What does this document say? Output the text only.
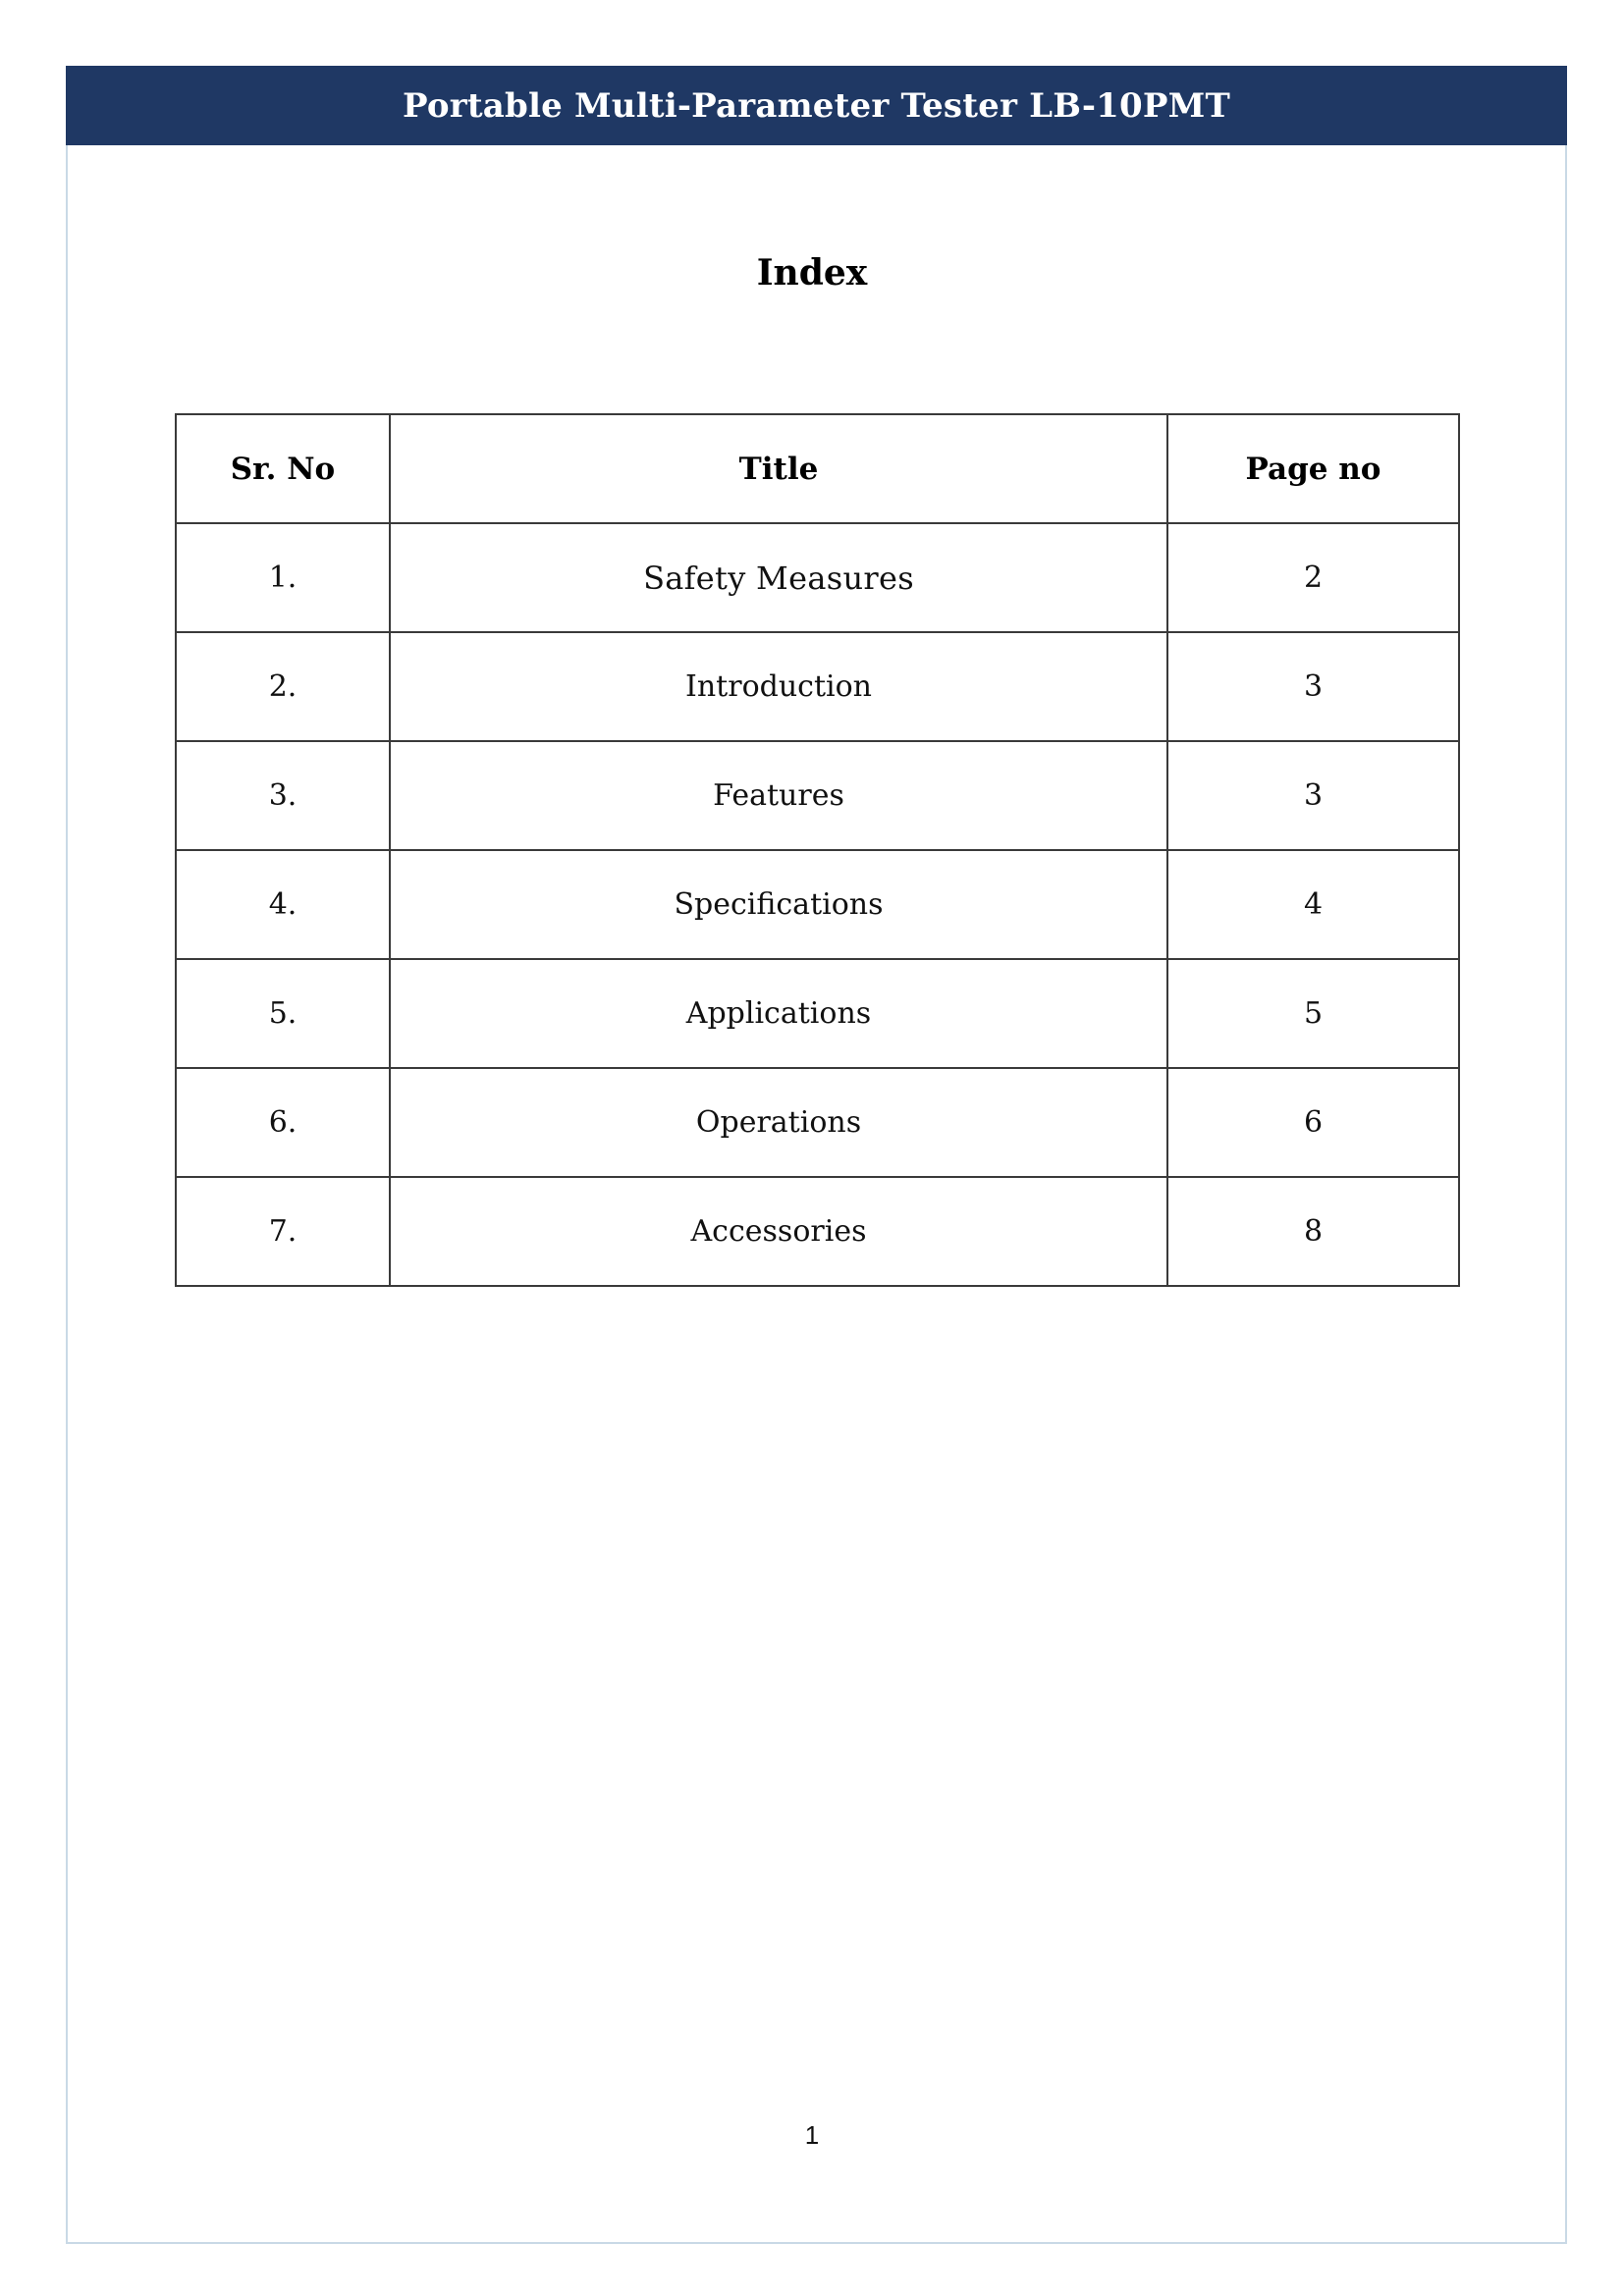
Portable Multi-Parameter Tester LB-10PMT
Index
Sr. No	Title	Page no
1.	Safety Measures	2
2.	Introduction	3
3.	Features	3
4.	Specifications	4
5.	Applications	5
6.	Operations	6
7.	Accessories	8
1
